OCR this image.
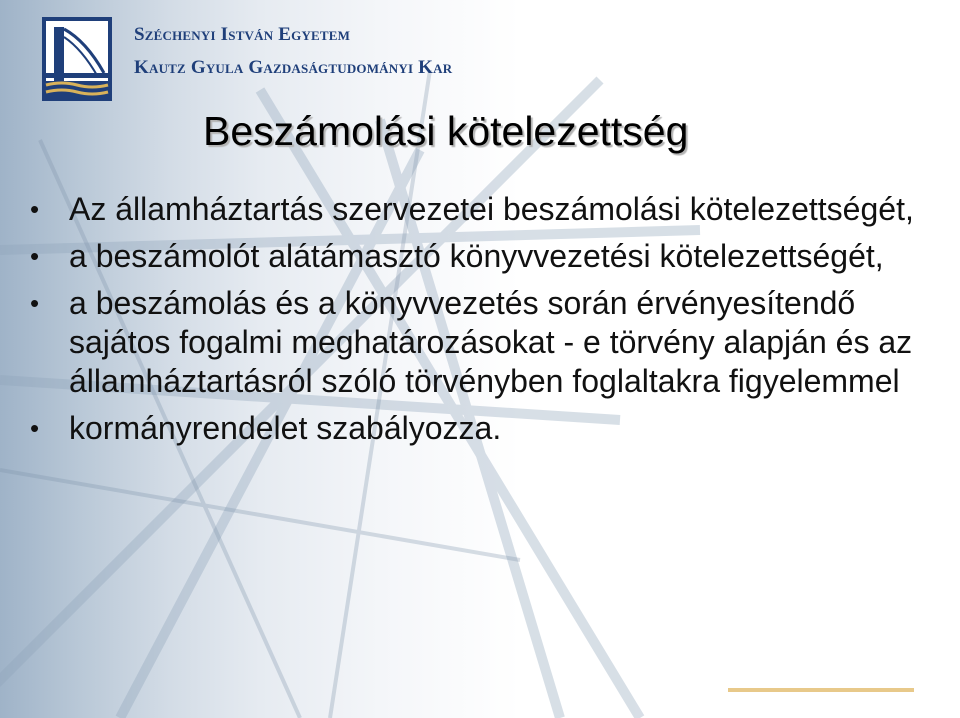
Széchenyi István Egyetem
Kautz Gyula Gazdaságtudományi Kar
Beszámolási kötelezettség
• Az államháztartás szervezetei beszámolási kötelezettségét,
• a beszámolót alátámasztó könyvvezetési kötelezettségét,
• a beszámolás és a könyvvezetés során érvényesítendő sajátos fogalmi meghatározásokat - e törvény alapján és az államháztartásról szóló törvényben foglaltakra figyelemmel
• kormányrendelet szabályozza.
